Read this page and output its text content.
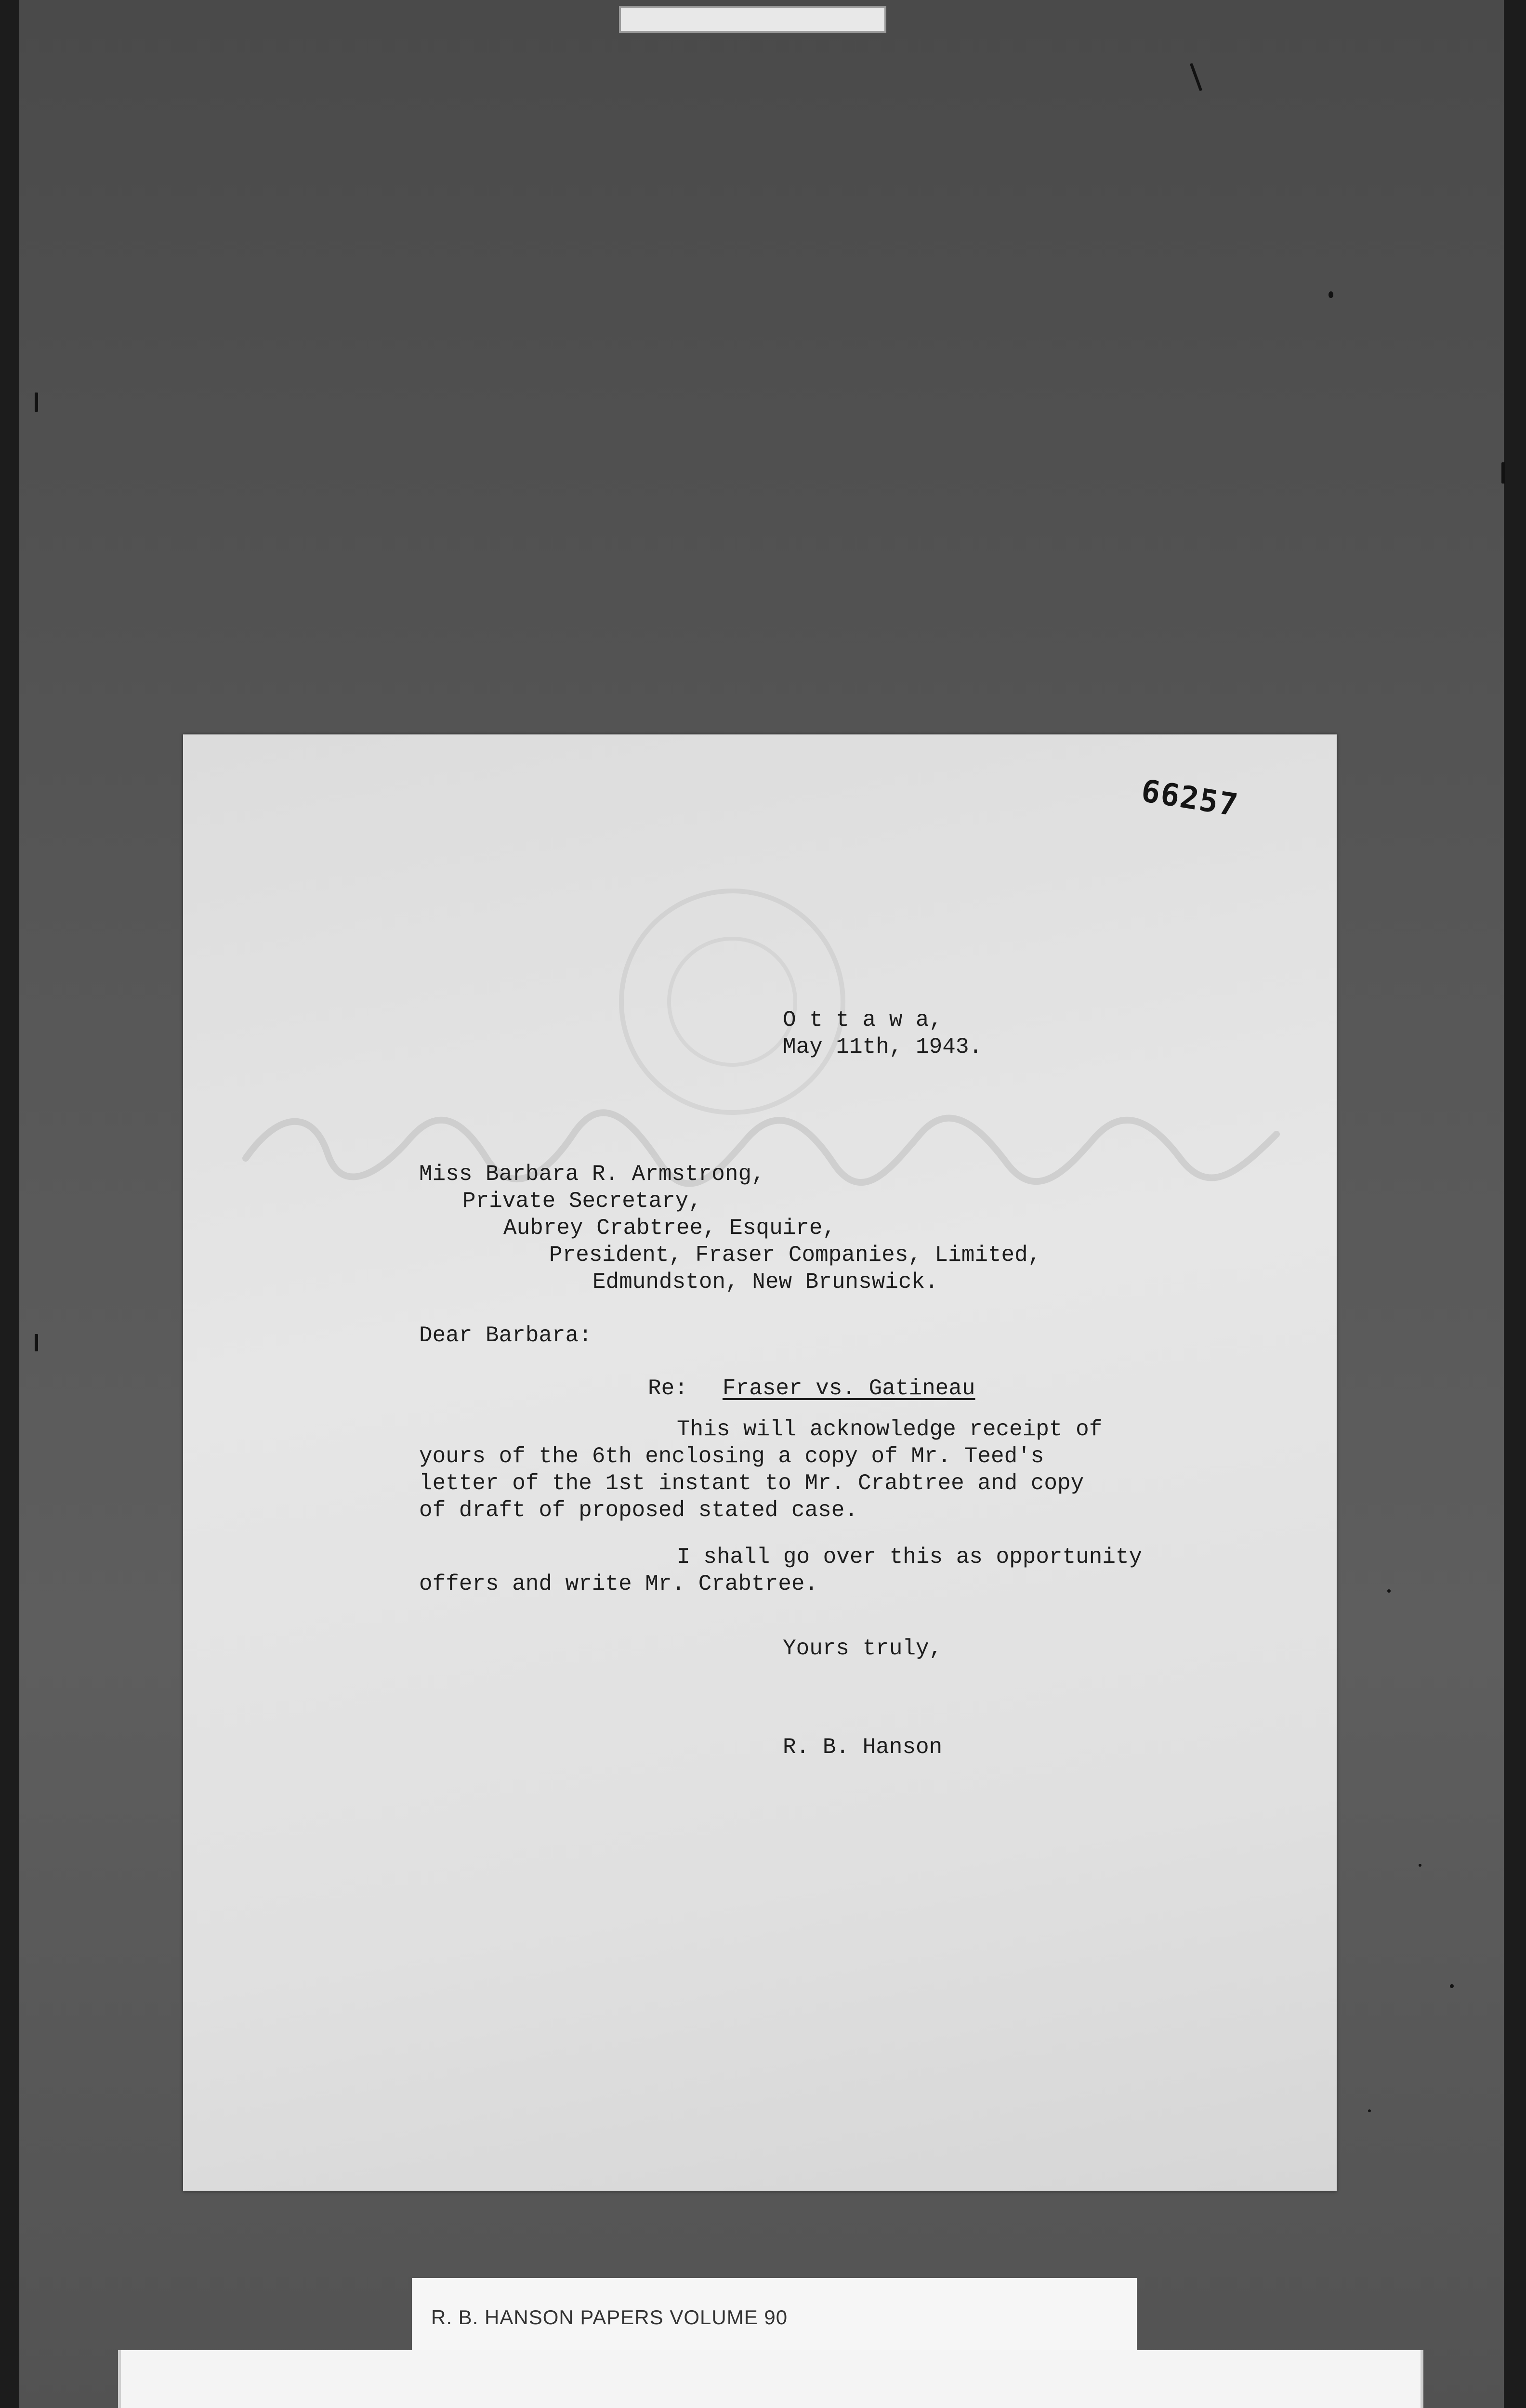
66257
O t t a w a,
May 11th, 1943.
Miss Barbara R. Armstrong,
Private Secretary,
Aubrey Crabtree, Esquire,
President, Fraser Companies, Limited,
Edmundston, New Brunswick.
Dear Barbara:
Re: Fraser vs. Gatineau
This will acknowledge receipt of
yours of the 6th enclosing a copy of Mr. Teed's
letter of the 1st instant to Mr. Crabtree and copy
of draft of proposed stated case.
I shall go over this as opportunity
offers and write Mr. Crabtree.
Yours truly,
R. B. Hanson
R. B. HANSON PAPERS VOLUME 90
